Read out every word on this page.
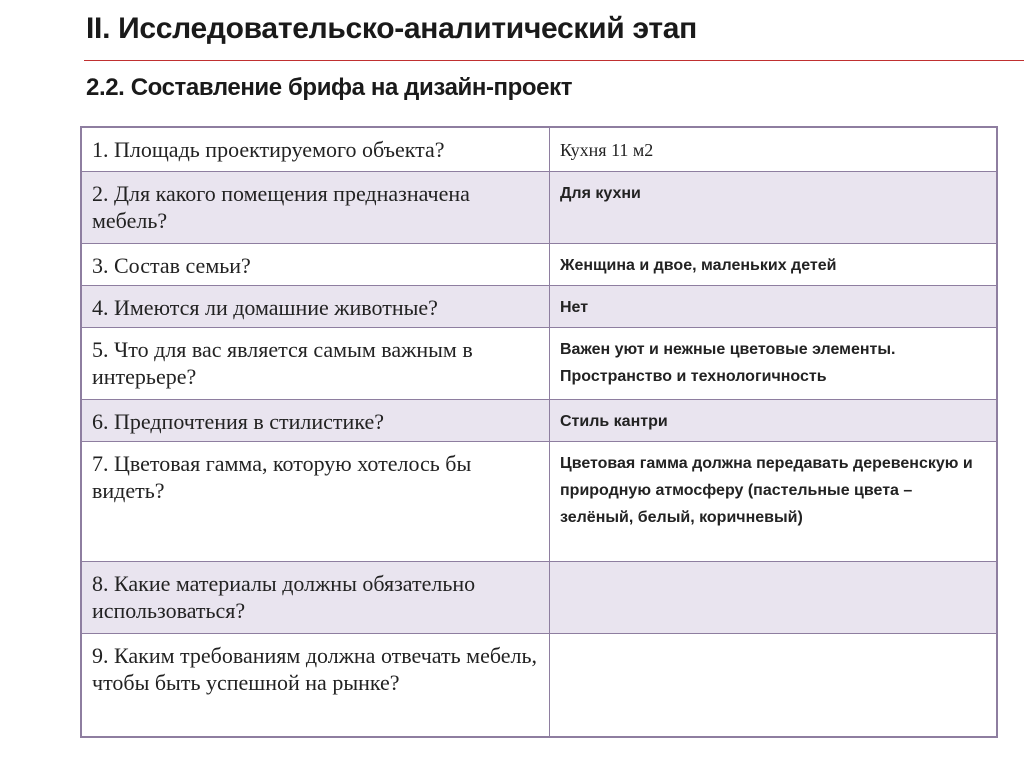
II. Исследовательско-аналитический этап
2.2. Составление брифа на дизайн-проект
1. Площадь проектируемого объекта?	Кухня 11 м2
2. Для какого помещения предназначена мебель?	Для кухни
3. Состав семьи?	Женщина и двое, маленьких детей
4. Имеются ли домашние животные?	Нет
5. Что для вас является самым важным в интерьере?	Важен уют и нежные цветовые элементы. Пространство и технологичность
6. Предпочтения в стилистике?	Стиль кантри
7. Цветовая гамма, которую хотелось бы видеть?	Цветовая гамма должна передавать деревенскую и природную атмосферу (пастельные цвета – зелёный, белый, коричневый)
8. Какие материалы должны обязательно использоваться?	
9. Каким требованиям должна отвечать мебель, чтобы быть успешной на рынке?	
